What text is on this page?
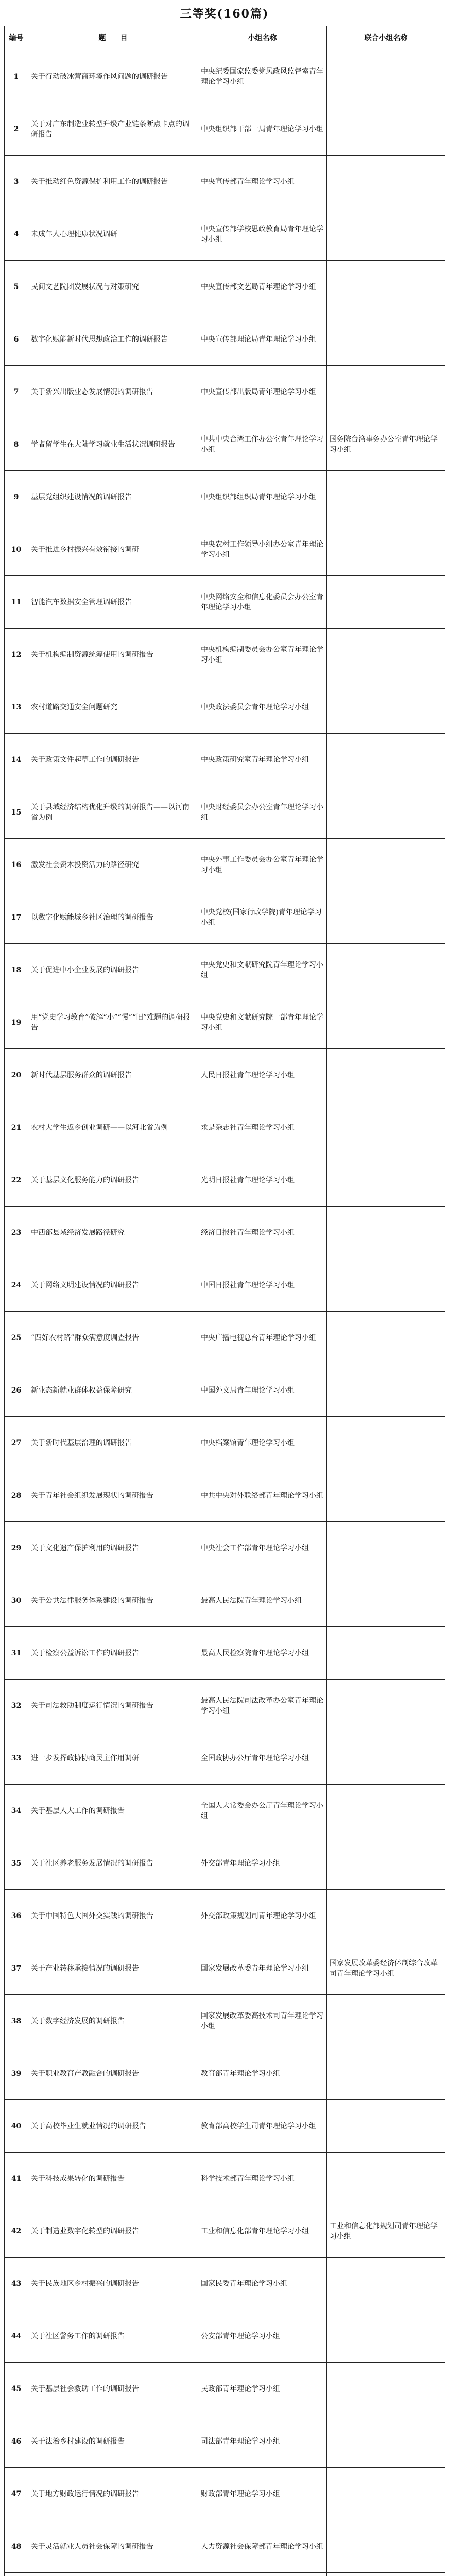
三等奖(160篇)
编号	题　　目	小组名称	联合小组名称
1	关于行动破冰营商环境作风问题的调研报告	中央纪委国家监委党风政风监督室青年理论学习小组	
2	关于对广东制造业转型升级产业链条断点卡点的调研报告	中央组织部干部一局青年理论学习小组	
3	关于推动红色资源保护利用工作的调研报告	中央宣传部青年理论学习小组	
4	未成年人心理健康状况调研	中央宣传部学校思政教育局青年理论学习小组	
5	民间文艺院团发展状况与对策研究	中央宣传部文艺局青年理论学习小组	
6	数字化赋能新时代思想政治工作的调研报告	中央宣传部理论局青年理论学习小组	
7	关于新兴出版业态发展情况的调研报告	中央宣传部出版局青年理论学习小组	
8	学者留学生在大陆学习就业生活状况调研报告	中共中央台湾工作办公室青年理论学习小组	国务院台湾事务办公室青年理论学习小组
9	基层党组织建设情况的调研报告	中央组织部组织局青年理论学习小组	
10	关于推进乡村振兴有效衔接的调研	中央农村工作领导小组办公室青年理论学习小组	
11	智能汽车数据安全管理调研报告	中央网络安全和信息化委员会办公室青年理论学习小组	
12	关于机构编制资源统筹使用的调研报告	中央机构编制委员会办公室青年理论学习小组	
13	农村道路交通安全问题研究	中央政法委员会青年理论学习小组	
14	关于政策文件起草工作的调研报告	中央政策研究室青年理论学习小组	
15	关于县域经济结构优化升级的调研报告——以河南省为例	中央财经委员会办公室青年理论学习小组	
16	激发社会资本投资活力的路径研究	中央外事工作委员会办公室青年理论学习小组	
17	以数字化赋能城乡社区治理的调研报告	中央党校(国家行政学院)青年理论学习小组	
18	关于促进中小企业发展的调研报告	中央党史和文献研究院青年理论学习小组	
19	用“党史学习教育”破解“小”“慢”“旧”难题的调研报告	中央党史和文献研究院一部青年理论学习小组	
20	新时代基层服务群众的调研报告	人民日报社青年理论学习小组	
21	农村大学生返乡创业调研——以河北省为例	求是杂志社青年理论学习小组	
22	关于基层文化服务能力的调研报告	光明日报社青年理论学习小组	
23	中西部县域经济发展路径研究	经济日报社青年理论学习小组	
24	关于网络文明建设情况的调研报告	中国日报社青年理论学习小组	
25	“四好农村路”群众满意度调查报告	中央广播电视总台青年理论学习小组	
26	新业态新就业群体权益保障研究	中国外文局青年理论学习小组	
27	关于新时代基层治理的调研报告	中央档案馆青年理论学习小组	
28	关于青年社会组织发展现状的调研报告	中共中央对外联络部青年理论学习小组	
29	关于文化遗产保护利用的调研报告	中央社会工作部青年理论学习小组	
30	关于公共法律服务体系建设的调研报告	最高人民法院青年理论学习小组	
31	关于检察公益诉讼工作的调研报告	最高人民检察院青年理论学习小组	
32	关于司法救助制度运行情况的调研报告	最高人民法院司法改革办公室青年理论学习小组	
33	进一步发挥政协协商民主作用调研	全国政协办公厅青年理论学习小组	
34	关于基层人大工作的调研报告	全国人大常委会办公厅青年理论学习小组	
35	关于社区养老服务发展情况的调研报告	外交部青年理论学习小组	
36	关于中国特色大国外交实践的调研报告	外交部政策规划司青年理论学习小组	
37	关于产业转移承接情况的调研报告	国家发展改革委青年理论学习小组	国家发展改革委经济体制综合改革司青年理论学习小组
38	关于数字经济发展的调研报告	国家发展改革委高技术司青年理论学习小组	
39	关于职业教育产教融合的调研报告	教育部青年理论学习小组	
40	关于高校毕业生就业情况的调研报告	教育部高校学生司青年理论学习小组	
41	关于科技成果转化的调研报告	科学技术部青年理论学习小组	
42	关于制造业数字化转型的调研报告	工业和信息化部青年理论学习小组	工业和信息化部规划司青年理论学习小组
43	关于民族地区乡村振兴的调研报告	国家民委青年理论学习小组	
44	关于社区警务工作的调研报告	公安部青年理论学习小组	
45	关于基层社会救助工作的调研报告	民政部青年理论学习小组	
46	关于法治乡村建设的调研报告	司法部青年理论学习小组	
47	关于地方财政运行情况的调研报告	财政部青年理论学习小组	
48	关于灵活就业人员社会保障的调研报告	人力资源社会保障部青年理论学习小组	
